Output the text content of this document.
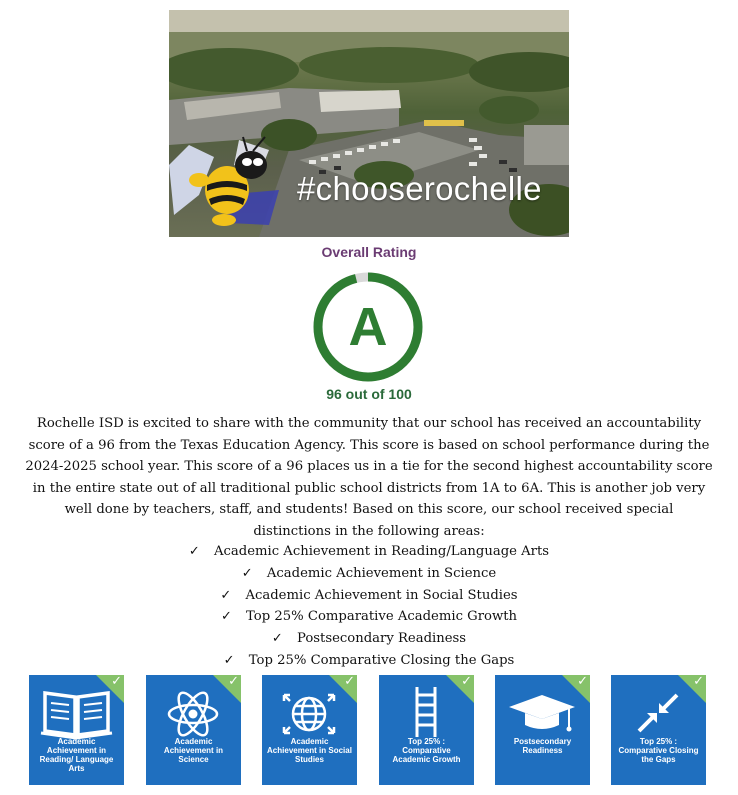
#chooserochelle
Overall Rating
A
96 out of 100

Rochelle ISD is excited to share with the community that our school has received an accountability score of a 96 from the Texas Education Agency. This score is based on school performance during the 2024-2025 school year. This score of a 96 places us in a tie for the second highest accountability score in the entire state out of all traditional public school districts from 1A to 6A. This is another job very well done by teachers, staff, and students! Based on this score, our school received special distinctions in the following areas:

✓ Academic Achievement in Reading/Language Arts
✓ Academic Achievement in Science
✓ Academic Achievement in Social Studies
✓ Top 25% Comparative Academic Growth
✓ Postsecondary Readiness
✓ Top 25% Comparative Closing the Gaps
✓
Academic Achievement in Reading/ Language Arts
✓
Academic Achievement in Science
✓
Academic Achievement in Social Studies
✓
Top 25% : Comparative Academic Growth
✓
Postsecondary Readiness
✓
Top 25% : Comparative Closing the Gaps
